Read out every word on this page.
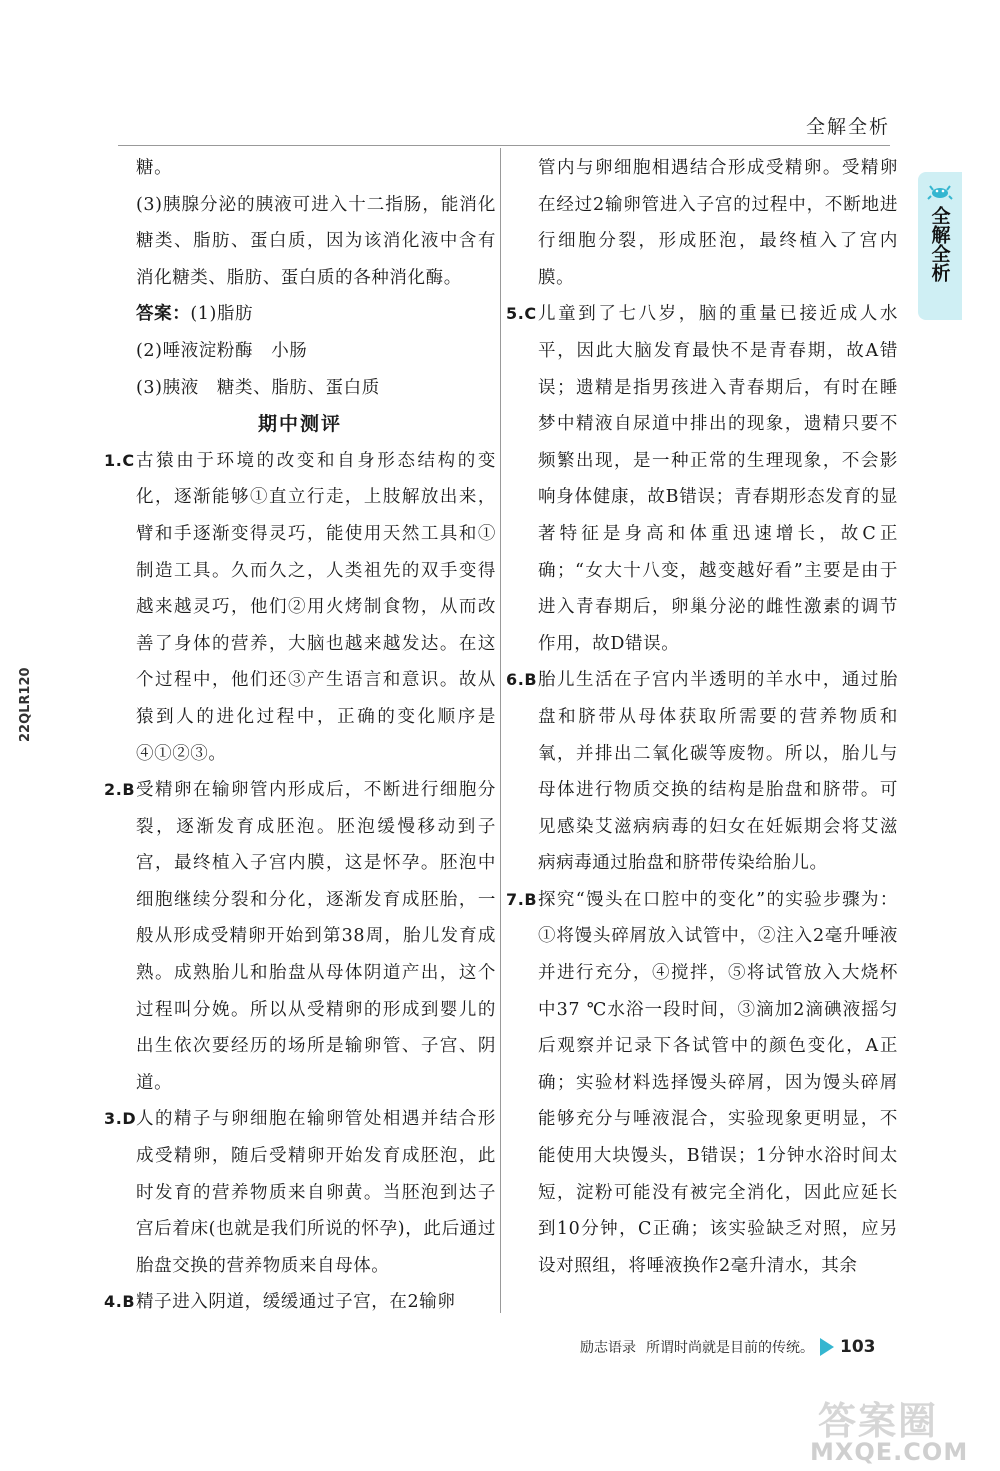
全解全析
全解全析
22QLR120

糖。

(3)胰腺分泌的胰液可进入十二指肠，能消化糖类、脂肪、蛋白质，因为该消化液中含有消化糖类、脂肪、蛋白质的各种消化酶。

答案：(1)脂肪

(2)唾液淀粉酶　小肠

(3)胰液　糖类、脂肪、蛋白质

期中测评

1.C 古猿由于环境的改变和自身形态结构的变化，逐渐能够①直立行走，上肢解放出来，臂和手逐渐变得灵巧，能使用天然工具和①制造工具。久而久之，人类祖先的双手变得越来越灵巧，他们②用火烤制食物，从而改善了身体的营养，大脑也越来越发达。在这个过程中，他们还③产生语言和意识。故从猿到人的进化过程中，正确的变化顺序是④①②③。
2.B 受精卵在输卵管内形成后，不断进行细胞分裂，逐渐发育成胚泡。胚泡缓慢移动到子宫，最终植入子宫内膜，这是怀孕。胚泡中细胞继续分裂和分化，逐渐发育成胚胎，一般从形成受精卵开始到第38周，胎儿发育成熟。成熟胎儿和胎盘从母体阴道产出，这个过程叫分娩。所以从受精卵的形成到婴儿的出生依次要经历的场所是输卵管、子宫、阴道。
3.D 人的精子与卵细胞在输卵管处相遇并结合形成受精卵，随后受精卵开始发育成胚泡，此时发育的营养物质来自卵黄。当胚泡到达子宫后着床(也就是我们所说的怀孕)，此后通过胎盘交换的营养物质来自母体。
4.B 精子进入阴道，缓缓通过子宫，在2输卵

管内与卵细胞相遇结合形成受精卵。受精卵在经过2输卵管进入子宫的过程中，不断地进行细胞分裂，形成胚泡，最终植入了宫内膜。

5.C 儿童到了七八岁，脑的重量已接近成人水平，因此大脑发育最快不是青春期，故A错误；遗精是指男孩进入青春期后，有时在睡梦中精液自尿道中排出的现象，遗精只要不频繁出现，是一种正常的生理现象，不会影响身体健康，故B错误；青春期形态发育的显著特征是身高和体重迅速增长，故C正确；“女大十八变，越变越好看”主要是由于进入青春期后，卵巢分泌的雌性激素的调节作用，故D错误。
6.B 胎儿生活在子宫内半透明的羊水中，通过胎盘和脐带从母体获取所需要的营养物质和氧，并排出二氧化碳等废物。所以，胎儿与母体进行物质交换的结构是胎盘和脐带。可见感染艾滋病病毒的妇女在妊娠期会将艾滋病病毒通过胎盘和脐带传染给胎儿。
7.B 探究“馒头在口腔中的变化”的实验步骤为：①将馒头碎屑放入试管中，②注入2毫升唾液并进行充分，④搅拌，⑤将试管放入大烧杯中37 ℃水浴一段时间，③滴加2滴碘液摇匀后观察并记录下各试管中的颜色变化，A正确；实验材料选择馒头碎屑，因为馒头碎屑能够充分与唾液混合，实验现象更明显，不能使用大块馒头，B错误；1分钟水浴时间太短，淀粉可能没有被完全消化，因此应延长到10分钟，C正确；该实验缺乏对照，应另设对照组，将唾液换作2毫升清水，其余
励志语录 所谓时尚就是目前的传统。 103
答案圈
MXQE.COM
